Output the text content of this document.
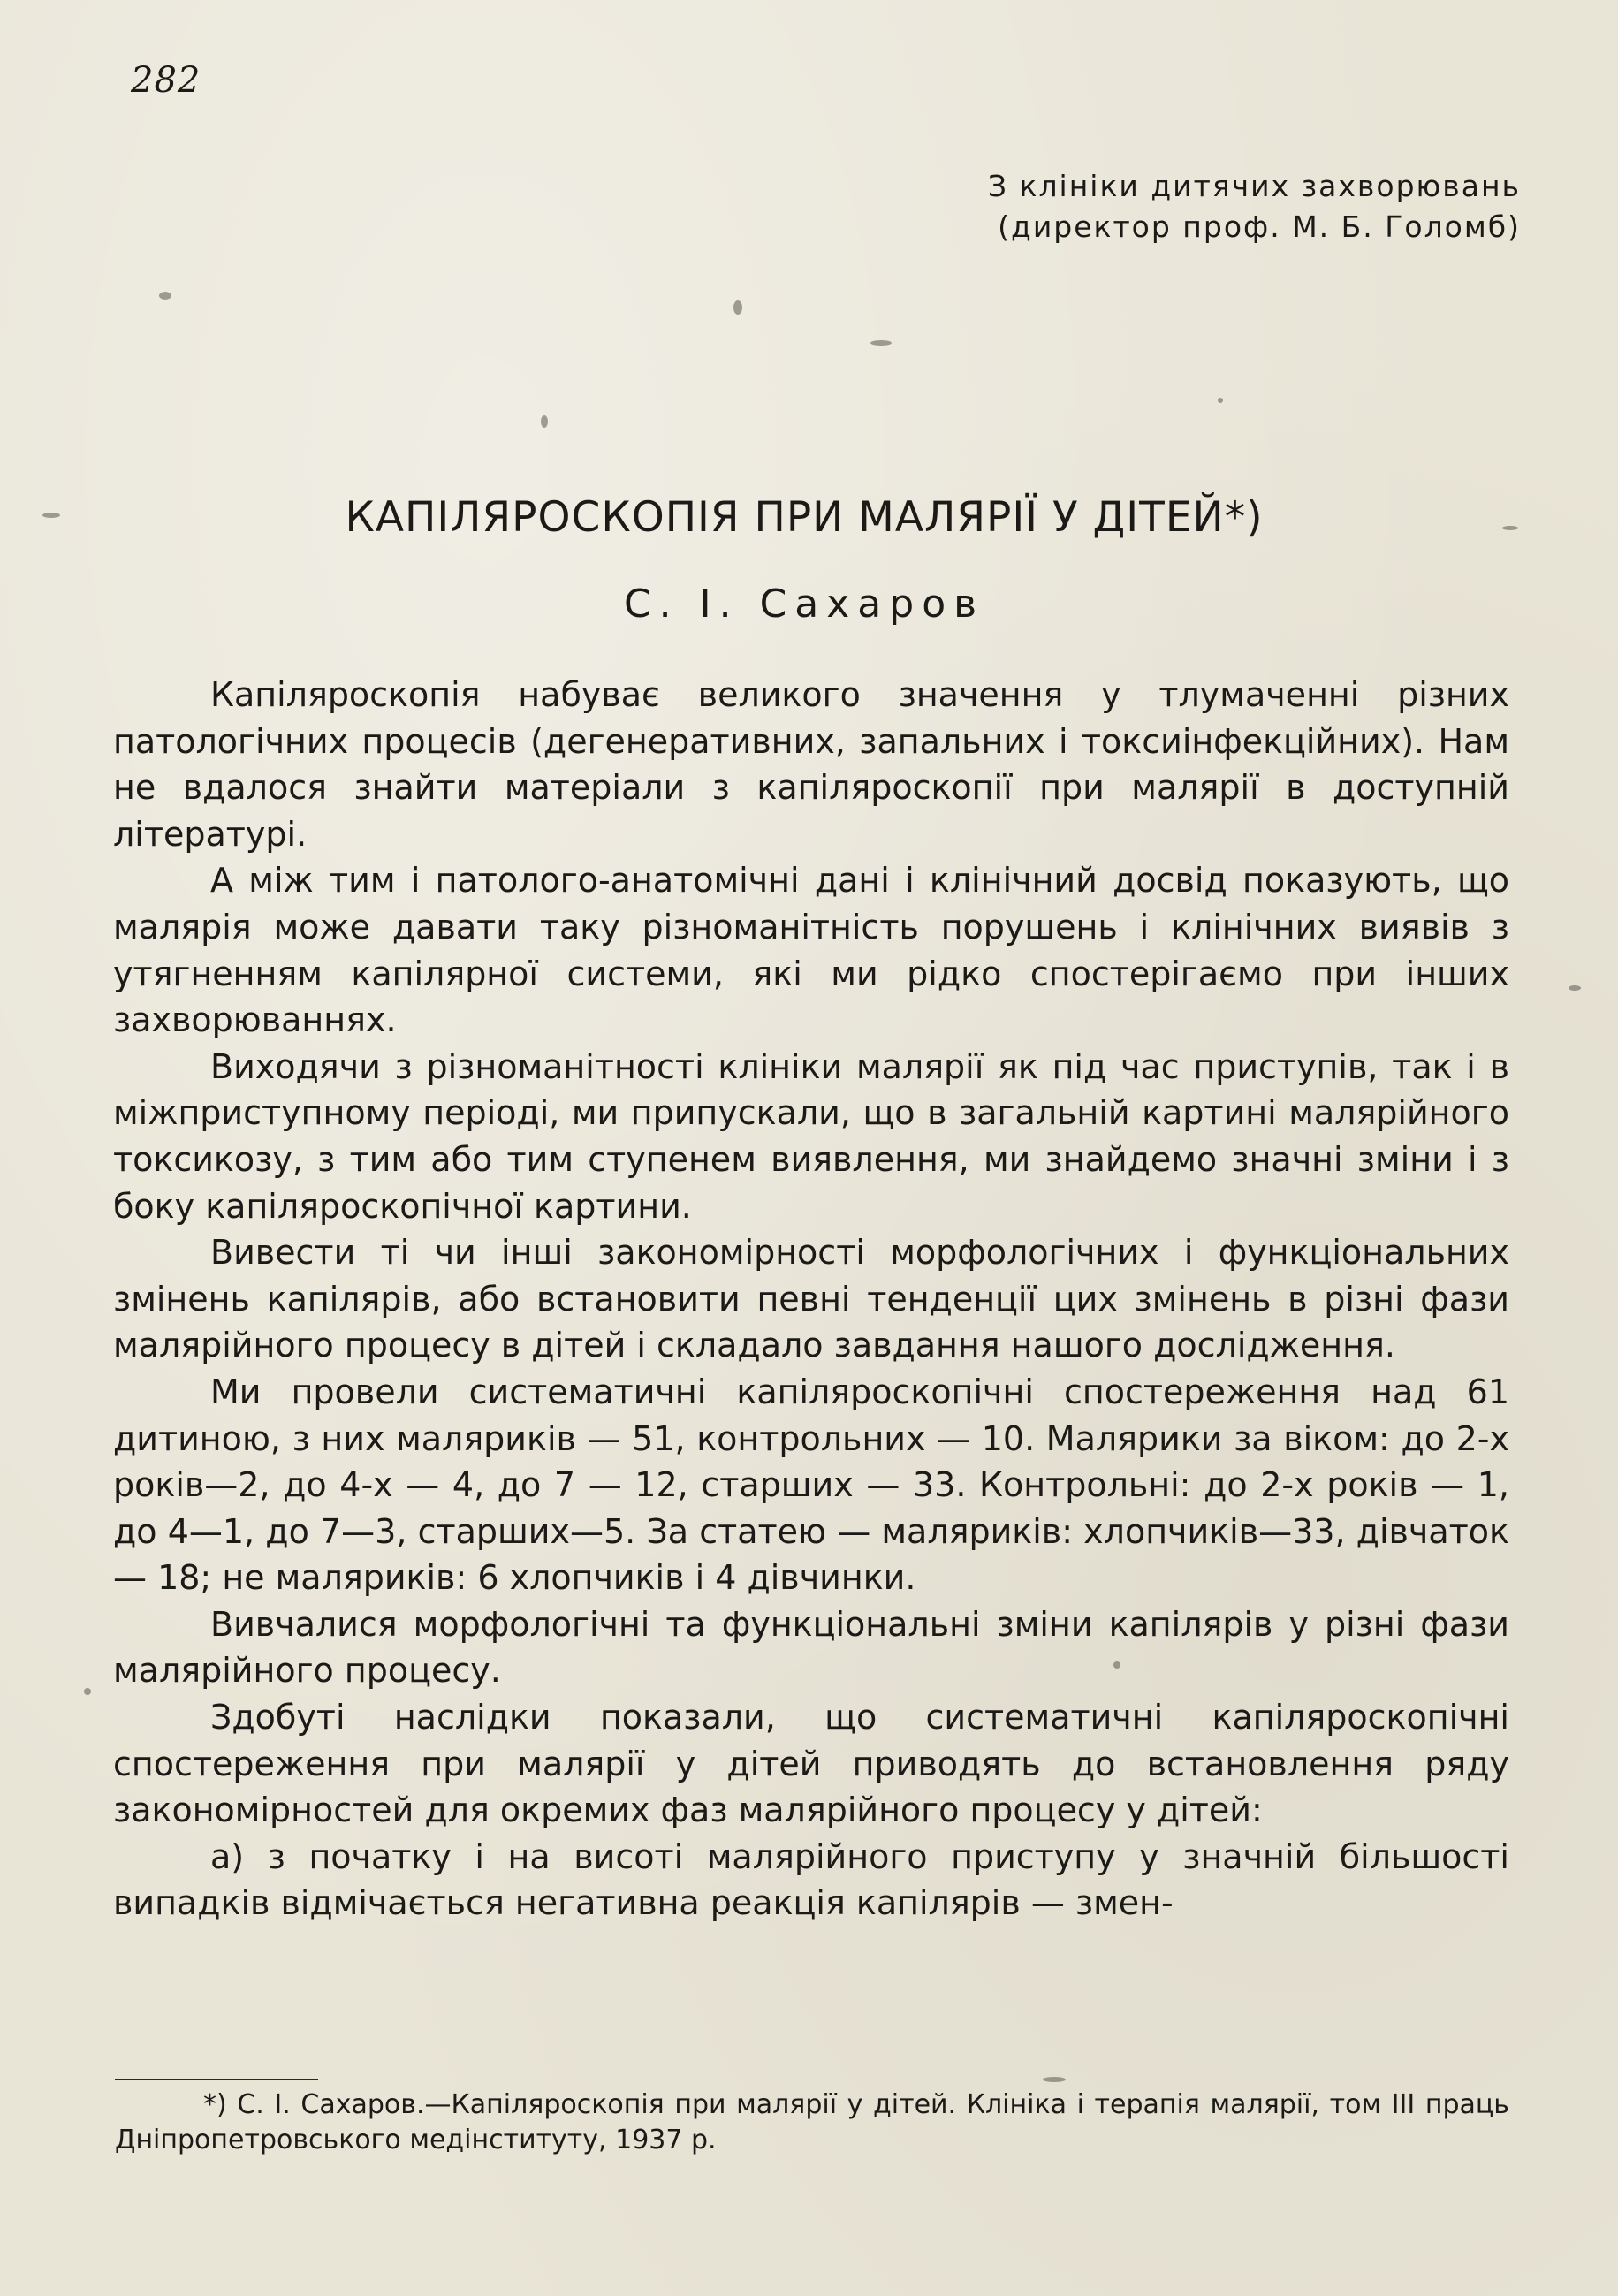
282
З клініки дитячих захворювань
(директор проф. М. Б. Голомб)
КАПІЛЯРОСКОПІЯ ПРИ МАЛЯРІЇ У ДІТЕЙ*)
С. І. Сахаров

Капіляроскопія набуває великого значення у тлумаченні різних патологічних процесів (дегенеративних, запальних і токсиінфекційних). Нам не вдалося знайти матеріали з капіляроскопії при малярії в доступній літературі.

А між тим і патолого-анатомічні дані і клінічний досвід показують, що малярія може давати таку різноманітність порушень і клінічних виявів з утягненням капілярної системи, які ми рідко спостерігаємо при інших захворюваннях.

Виходячи з різноманітності клініки малярії як під час приступів, так і в міжприступному періоді, ми припускали, що в загальній картині малярійного токсикозу, з тим або тим ступенем виявлення, ми знайдемо значні зміни і з боку капіляроскопічної картини.

Вивести ті чи інші закономірності морфологічних і функціональних змінень капілярів, або встановити певні тенденції цих змінень в різні фази малярійного процесу в дітей і складало завдання нашого дослідження.

Ми провели систематичні капіляроскопічні спостереження над 61 дитиною, з них маляриків — 51, контрольних — 10. Малярики за віком: до 2-х років—2, до 4-х — 4, до 7 — 12, старших — 33. Контрольні: до 2-х років — 1, до 4—1, до 7—3, старших—5. За статею — маляриків: хлопчиків—33, дівчаток — 18; не маляриків: 6 хлопчиків і 4 дівчинки.

Вивчалися морфологічні та функціональні зміни капілярів у різні фази малярійного процесу.

Здобуті наслідки показали, що систематичні капіляроскопічні спостереження при малярії у дітей приводять до встановлення ряду закономірностей для окремих фаз малярійного процесу у дітей:

а) з початку і на висоті малярійного приступу у значній більшості випадків відмічається негативна реакція капілярів — змен-

*) С. І. Сахаров.—Капіляроскопія при малярії у дітей. Клініка і терапія малярії, том III праць Дніпропетровського медінституту, 1937 р.
